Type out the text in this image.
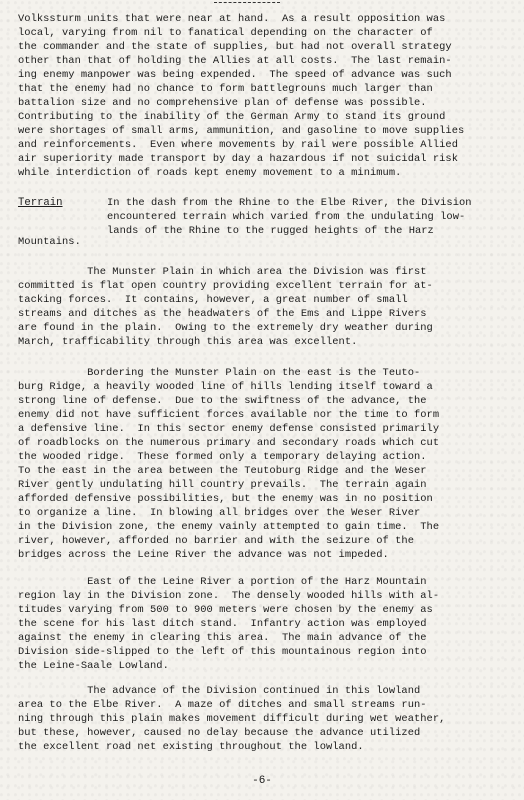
Volkssturm units that were near at hand.  As a result opposition was
local, varying from nil to fanatical depending on the character of
the commander and the state of supplies, but had not overall strategy
other than that of holding the Allies at all costs.  The last remain-
ing enemy manpower was being expended.  The speed of advance was such
that the enemy had no chance to form battlegrouns much larger than
battalion size and no comprehensive plan of defense was possible.
Contributing to the inability of the German Army to stand its ground
were shortages of small arms, ammunition, and gasoline to move supplies
and reinforcements.  Even where movements by rail were possible Allied
air superiority made transport by day a hazardous if not suicidal risk
while interdiction of roads kept enemy movement to a minimum.
Terrain	In the dash from the Rhine to the Elbe River, the Division
encountered terrain which varied from the undulating low-
lands of the Rhine to the rugged heights of the Harz
Mountains.
The Munster Plain in which area the Division was first
committed is flat open country providing excellent terrain for at-
tacking forces.  It contains, however, a great number of small
streams and ditches as the headwaters of the Ems and Lippe Rivers
are found in the plain.  Owing to the extremely dry weather during
March, trafficability through this area was excellent.
Bordering the Munster Plain on the east is the Teuto-
burg Ridge, a heavily wooded line of hills lending itself toward a
strong line of defense.  Due to the swiftness of the advance, the
enemy did not have sufficient forces available nor the time to form
a defensive line.  In this sector enemy defense consisted primarily
of roadblocks on the numerous primary and secondary roads which cut
the wooded ridge.  These formed only a temporary delaying action.
To the east in the area between the Teutoburg Ridge and the Weser
River gently undulating hill country prevails.  The terrain again
afforded defensive possibilities, but the enemy was in no position
to organize a line.  In blowing all bridges over the Weser River
in the Division zone, the enemy vainly attempted to gain time.  The
river, however, afforded no barrier and with the seizure of the
bridges across the Leine River the advance was not impeded.
East of the Leine River a portion of the Harz Mountain
region lay in the Division zone.  The densely wooded hills with al-
titudes varying from 500 to 900 meters were chosen by the enemy as
the scene for his last ditch stand.  Infantry action was employed
against the enemy in clearing this area.  The main advance of the
Division side-slipped to the left of this mountainous region into
the Leine-Saale Lowland.
The advance of the Division continued in this lowland
area to the Elbe River.  A maze of ditches and small streams run-
ning through this plain makes movement difficult during wet weather,
but these, however, caused no delay because the advance utilized
the excellent road net existing throughout the lowland.
-6-
